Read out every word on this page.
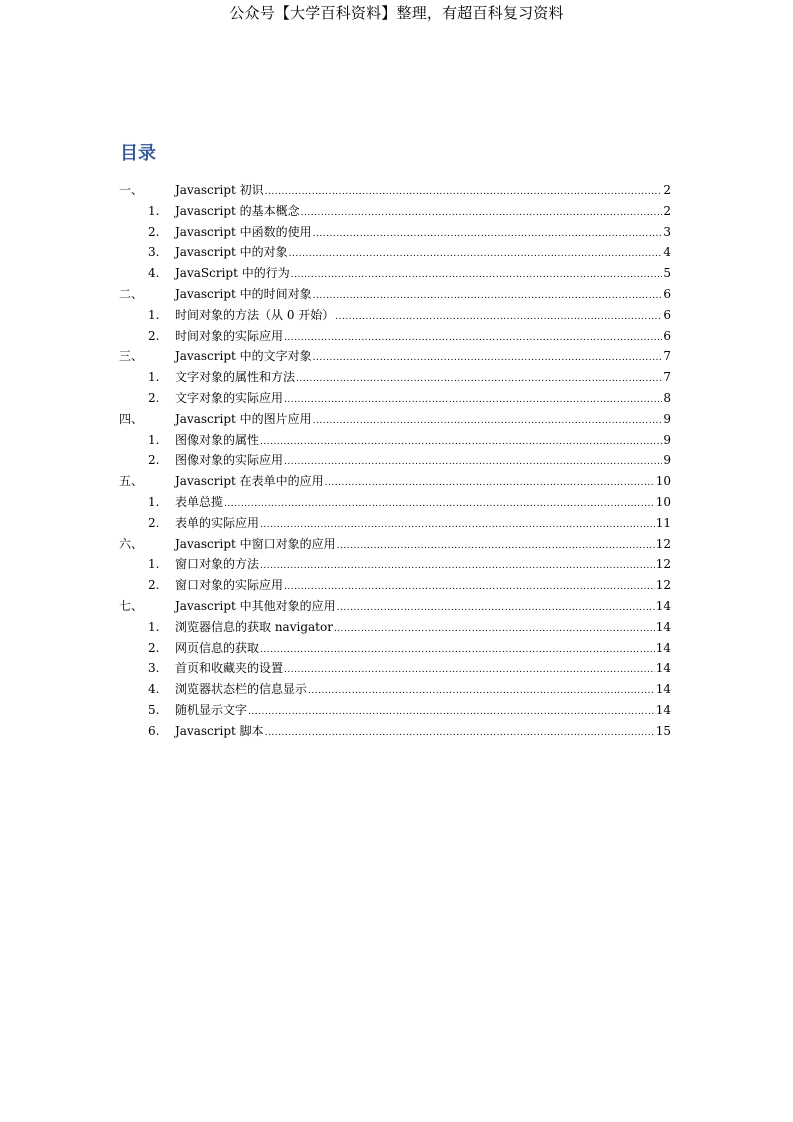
公众号【大学百科资料】整理，有超百科复习资料
目录
一、	Javascript 初识 .....	2
1. Javascript 的基本概念 .....	2
2. Javascript 中函数的使用 .....	3
3. Javascript 中的对象 .....	4
4. JavaScript 中的行为 .....	5
二、	Javascript 中的时间对象 .....	6
1. 时间对象的方法（从 0 开始） .....	6
2. 时间对象的实际应用 .....	6
三、	Javascript 中的文字对象 .....	7
1. 文字对象的属性和方法 .....	7
2. 文字对象的实际应用 .....	8
四、	Javascript 中的图片应用 .....	9
1. 图像对象的属性 .....	9
2. 图像对象的实际应用 .....	9
五、	Javascript 在表单中的应用 .....	10
1. 表单总揽 .....	10
2. 表单的实际应用 .....	11
六、	Javascript 中窗口对象的应用 .....	12
1. 窗口对象的方法 .....	12
2. 窗口对象的实际应用 .....	12
七、	Javascript 中其他对象的应用 .....	14
1. 浏览器信息的获取 navigator .....	14
2. 网页信息的获取 .....	14
3. 首页和收藏夹的设置 .....	14
4. 浏览器状态栏的信息显示 .....	14
5. 随机显示文字 .....	14
6. Javascript 脚本 .....	15
